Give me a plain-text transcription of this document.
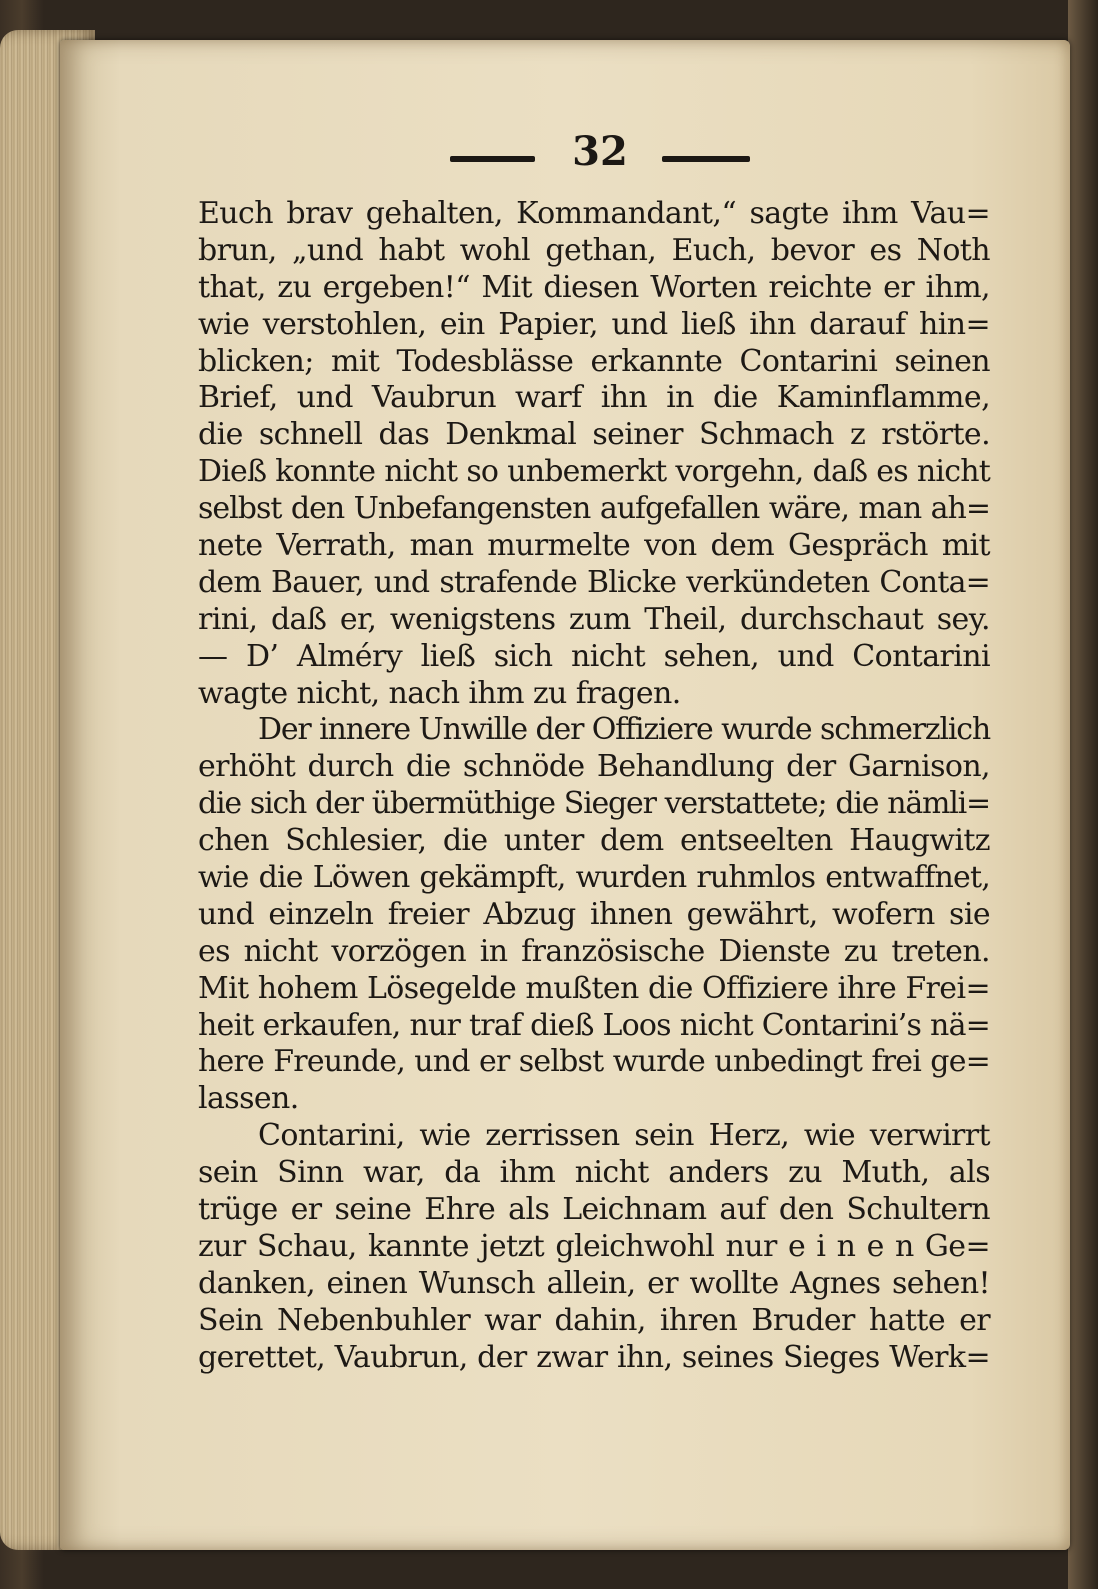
32
Euch brav gehalten, Kommandant,“ sagte ihm Vau=
brun, „und habt wohl gethan, Euch, bevor es Noth
that, zu ergeben!“ Mit diesen Worten reichte er ihm,
wie verstohlen, ein Papier, und ließ ihn darauf hin=
blicken; mit Todesblässe erkannte Contarini seinen
Brief, und Vaubrun warf ihn in die Kaminflamme,
die schnell das Denkmal seiner Schmach z rstörte.
Dieß konnte nicht so unbemerkt vorgehn, daß es nicht
selbst den Unbefangensten aufgefallen wäre, man ah=
nete Verrath, man murmelte von dem Gespräch mit
dem Bauer, und strafende Blicke verkündeten Conta=
rini, daß er, wenigstens zum Theil, durchschaut sey.
— D’ Alméry ließ sich nicht sehen, und Contarini
wagte nicht, nach ihm zu fragen.
Der innere Unwille der Offiziere wurde schmerzlich
erhöht durch die schnöde Behandlung der Garnison,
die sich der übermüthige Sieger verstattete; die nämli=
chen Schlesier, die unter dem entseelten Haugwitz
wie die Löwen gekämpft, wurden ruhmlos entwaffnet,
und einzeln freier Abzug ihnen gewährt, wofern sie
es nicht vorzögen in französische Dienste zu treten.
Mit hohem Lösegelde mußten die Offiziere ihre Frei=
heit erkaufen, nur traf dieß Loos nicht Contarini’s nä=
here Freunde, und er selbst wurde unbedingt frei ge=
lassen.
Contarini, wie zerrissen sein Herz, wie verwirrt
sein Sinn war, da ihm nicht anders zu Muth, als
trüge er seine Ehre als Leichnam auf den Schultern
zur Schau, kannte jetzt gleichwohl nur e i n e n Ge=
danken, einen Wunsch allein, er wollte Agnes sehen!
Sein Nebenbuhler war dahin, ihren Bruder hatte er
gerettet, Vaubrun, der zwar ihn, seines Sieges Werk=
